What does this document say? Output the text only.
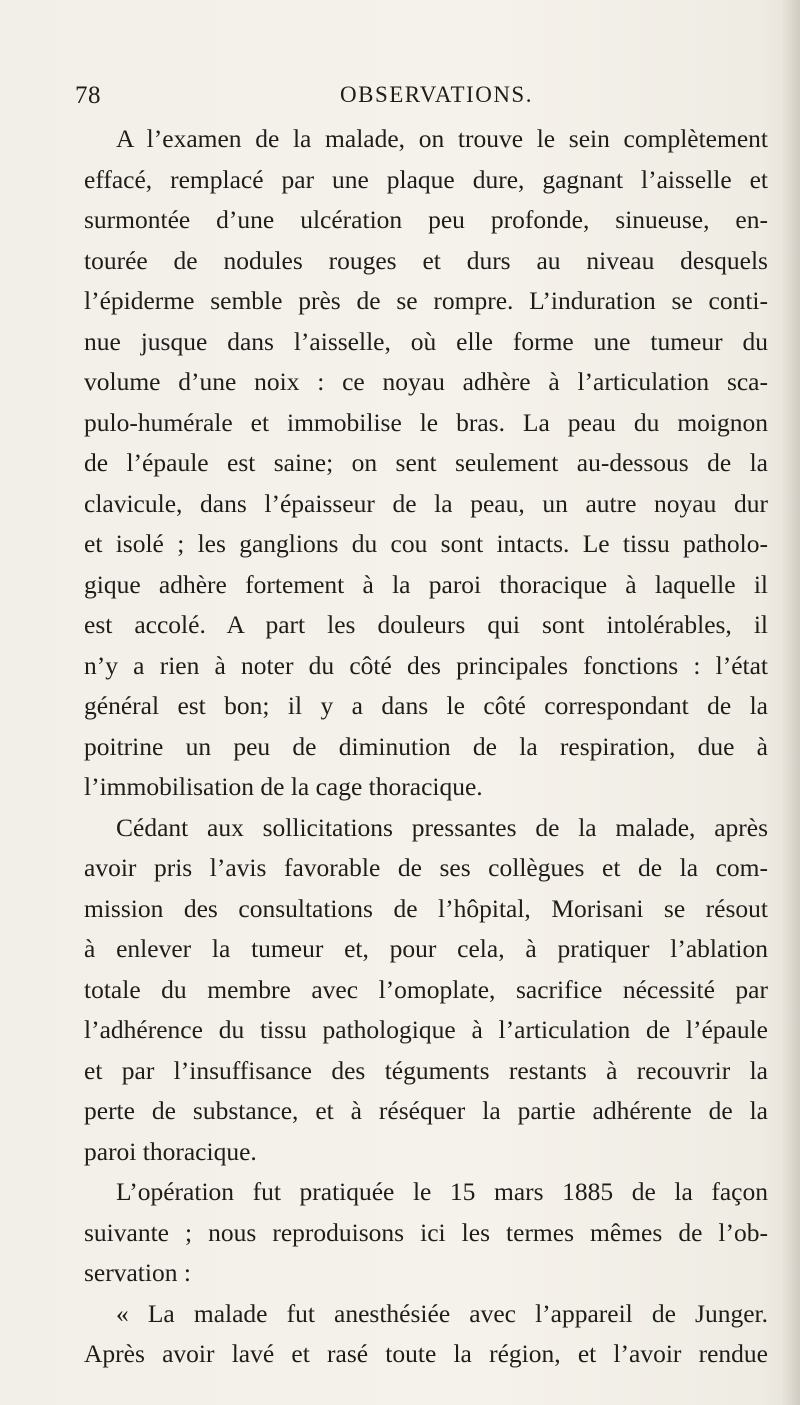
78	OBSERVATIONS.
A l’examen de la malade, on trouve le sein complètement
effacé, remplacé par une plaque dure, gagnant l’aisselle et
surmontée d’une ulcération peu profonde, sinueuse, en-
tourée de nodules rouges et durs au niveau desquels
l’épiderme semble près de se rompre. L’induration se conti-
nue jusque dans l’aisselle, où elle forme une tumeur du
volume d’une noix : ce noyau adhère à l’articulation sca-
pulo-humérale et immobilise le bras. La peau du moignon
de l’épaule est saine; on sent seulement au-dessous de la
clavicule, dans l’épaisseur de la peau, un autre noyau dur
et isolé ; les ganglions du cou sont intacts. Le tissu patholo-
gique adhère fortement à la paroi thoracique à laquelle il
est accolé. A part les douleurs qui sont intolérables, il
n’y a rien à noter du côté des principales fonctions : l’état
général est bon; il y a dans le côté correspondant de la
poitrine un peu de diminution de la respiration, due à
l’immobilisation de la cage thoracique.
Cédant aux sollicitations pressantes de la malade, après
avoir pris l’avis favorable de ses collègues et de la com-
mission des consultations de l’hôpital, Morisani se résout
à enlever la tumeur et, pour cela, à pratiquer l’ablation
totale du membre avec l’omoplate, sacrifice nécessité par
l’adhérence du tissu pathologique à l’articulation de l’épaule
et par l’insuffisance des téguments restants à recouvrir la
perte de substance, et à réséquer la partie adhérente de la
paroi thoracique.
L’opération fut pratiquée le 15 mars 1885 de la façon
suivante ; nous reproduisons ici les termes mêmes de l’ob-
servation :
« La malade fut anesthésiée avec l’appareil de Junger.
Après avoir lavé et rasé toute la région, et l’avoir rendue
